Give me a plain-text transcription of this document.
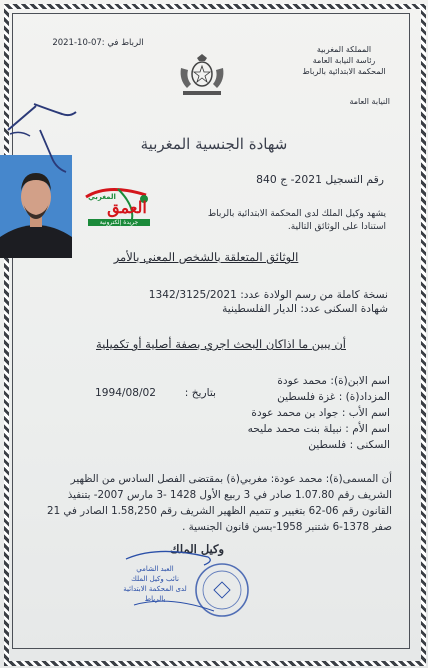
الرباط في :07-10-2021
المملكة المغربية
رئاسة النيابة العامة
المحكمة الابتدائية بالرباط
النيابة العامة
شهادة الجنسية المغربية
المغربي
العمق
جريدة إلكترونية
رقم التسجيل 2021- ج 840
يشهد وكيل الملك لدى المحكمة الابتدائية بالرباط
استنادا على الوثائق التالية.
الوثائق المتعلقة بالشخص المعني بالأمر
نسخة كاملة من رسم الولادة عدد: 1342/3125/2021
شهادة السكنى عدد: الديار الفلسطينية
أن يبين ما اذاكان البحث اجري بصفة أصلية أو تكميلية
اسم الابن(ة): محمد عودة
المزداد(ة) : غزة فلسطين
بتاريخ :  1994/08/02
اسم الأب : جواد بن محمد عودة
اسم الأم : نبيلة بنت محمد مليحه
السكنى : فلسطين
أن المسمى(ة): محمد عودة: مغربي(ة) بمقتضى الفصل السادس من الظهير
الشريف رقم 1.07.80 صادر في 3 ربيع الأول 1428 -3 مارس 2007- بتنفيذ
القانون رقم 06-62 بتغيير و تتميم الظهير الشريف رقم 1.58,250 الصادر في 21
صفر 1378-6 شتنبر 1958-بسن قانون الجنسية .
وكيل الملك
العبد الشامي
نائب وكيل الملك
لدى المحكمة الابتدائية بالرباط
